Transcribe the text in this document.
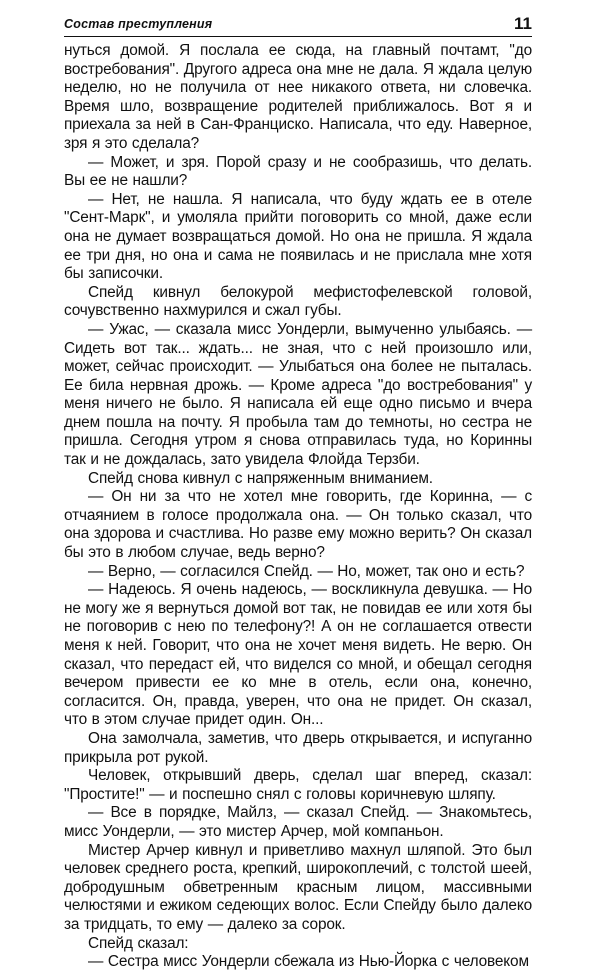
Состав преступления	11

нуться домой. Я послала ее сюда, на главный почтамт, "до востребования". Другого адреса она мне не дала. Я ждала целую неделю, но не получила от нее никакого ответа, ни словечка. Время шло, возвращение родителей приближалось. Вот я и приехала за ней в Сан-Франциско. Написала, что еду. Наверное, зря я это сделала?

— Может, и зря. Порой сразу и не сообразишь, что делать. Вы ее не нашли?

— Нет, не нашла. Я написала, что буду ждать ее в отеле "Сент-Марк", и умоляла прийти поговорить со мной, даже если она не думает возвращаться домой. Но она не пришла. Я ждала ее три дня, но она и сама не появилась и не прислала мне хотя бы записочки.

Спейд кивнул белокурой мефистофелевской головой, сочувственно нахмурился и сжал губы.

— Ужас, — сказала мисс Уондерли, вымученно улыбаясь. — Сидеть вот так... ждать... не зная, что с ней произошло или, может, сейчас происходит. — Улыбаться она более не пыталась. Ее била нервная дрожь. — Кроме адреса "до востребования" у меня ничего не было. Я написала ей еще одно письмо и вчера днем пошла на почту. Я пробыла там до темноты, но сестра не пришла. Сегодня утром я снова отправилась туда, но Коринны так и не дождалась, зато увидела Флойда Терзби.

Спейд снова кивнул с напряженным вниманием.

— Он ни за что не хотел мне говорить, где Коринна, — с отчаянием в голосе продолжала она. — Он только сказал, что она здорова и счастлива. Но разве ему можно верить? Он сказал бы это в любом случае, ведь верно?

— Верно, — согласился Спейд. — Но, может, так оно и есть?

— Надеюсь. Я очень надеюсь, — воскликнула девушка. — Но не могу же я вернуться домой вот так, не повидав ее или хотя бы не поговорив с нею по телефону?! А он не соглашается отвести меня к ней. Говорит, что она не хочет меня видеть. Не верю. Он сказал, что передаст ей, что виделся со мной, и обещал сегодня вечером привести ее ко мне в отель, если она, конечно, согласится. Он, правда, уверен, что она не придет. Он сказал, что в этом случае придет один. Он...

Она замолчала, заметив, что дверь открывается, и испуганно прикрыла рот рукой.

Человек, открывший дверь, сделал шаг вперед, сказал: "Простите!" — и поспешно снял с головы коричневую шляпу.

— Все в порядке, Майлз, — сказал Спейд. — Знакомьтесь, мисс Уондерли, — это мистер Арчер, мой компаньон.

Мистер Арчер кивнул и приветливо махнул шляпой. Это был человек среднего роста, крепкий, широкоплечий, с толстой шеей, добродушным обветренным красным лицом, массивными челюстями и ежиком седеющих волос. Если Спейду было далеко за тридцать, то ему — далеко за сорок.

Спейд сказал:

— Сестра мисс Уондерли сбежала из Нью-Йорка с человеком
